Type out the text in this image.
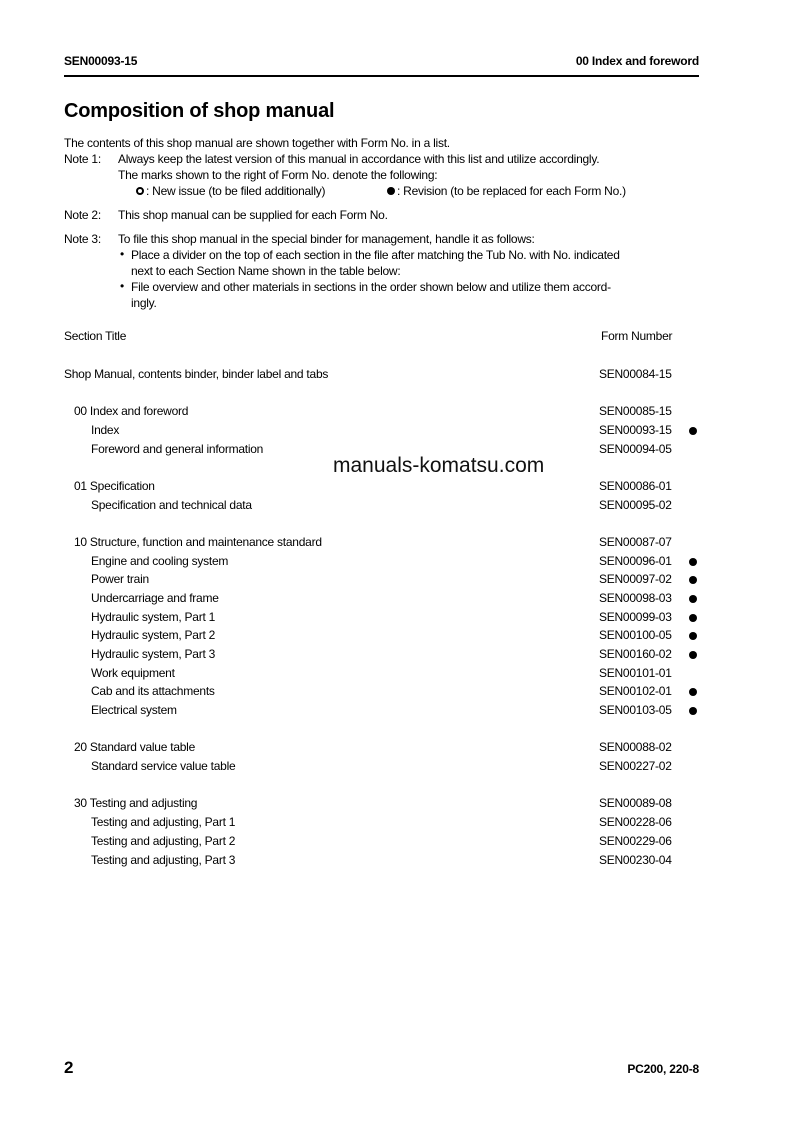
SEN00093-15	00 Index and foreword
Composition of shop manual
The contents of this shop manual are shown together with Form No. in a list.
Note 1: Always keep the latest version of this manual in accordance with this list and utilize accordingly.
The marks shown to the right of Form No. denote the following:
: New issue (to be filed additionally)	: Revision (to be replaced for each Form No.)
Note 2: This shop manual can be supplied for each Form No.
Note 3: To file this shop manual in the special binder for management, handle it as follows:
• Place a divider on the top of each section in the file after matching the Tub No. with No. indicated
next to each Section Name shown in the table below:
• File overview and other materials in sections in the order shown below and utilize them accord-
ingly.
Section Title	Form Number
Shop Manual, contents binder, binder label and tabs	SEN00084-15
00 Index and foreword	SEN00085-15
Index	SEN00093-15
Foreword and general information	SEN00094-05
01 Specification	SEN00086-01
Specification and technical data	SEN00095-02
10 Structure, function and maintenance standard	SEN00087-07
Engine and cooling system	SEN00096-01
Power train	SEN00097-02
Undercarriage and frame	SEN00098-03
Hydraulic system, Part 1	SEN00099-03
Hydraulic system, Part 2	SEN00100-05
Hydraulic system, Part 3	SEN00160-02
Work equipment	SEN00101-01
Cab and its attachments	SEN00102-01
Electrical system	SEN00103-05
20 Standard value table	SEN00088-02
Standard service value table	SEN00227-02
30 Testing and adjusting	SEN00089-08
Testing and adjusting, Part 1	SEN00228-06
Testing and adjusting, Part 2	SEN00229-06
Testing and adjusting, Part 3	SEN00230-04
manuals-komatsu.com
2	PC200, 220-8
